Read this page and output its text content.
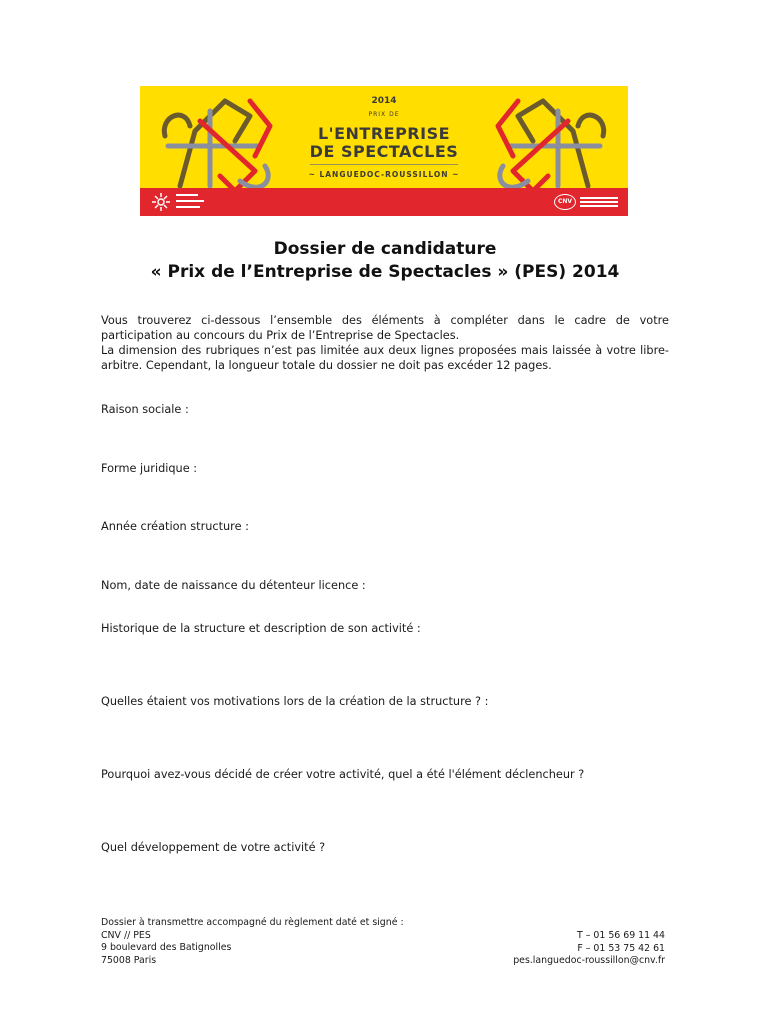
2014
PRIX DE
L'ENTREPRISE
DE SPECTACLES
~ LANGUEDOC-ROUSSILLON ~
CNV
Dossier de candidature
« Prix de l’Entreprise de Spectacles » (PES) 2014

Vous trouverez ci-dessous l’ensemble des éléments à compléter dans le cadre de votre participation au concours du Prix de l’Entreprise de Spectacles.

La dimension des rubriques n’est pas limitée aux deux lignes proposées mais laissée à votre libre-arbitre. Cependant, la longueur totale du dossier ne doit pas excéder 12 pages.

Raison sociale :
Forme juridique :
Année création structure :
Nom, date de naissance du détenteur licence :
Historique de la structure et description de son activité :
Quelles étaient vos motivations lors de la création de la structure ? :
Pourquoi avez-vous décidé de créer votre activité, quel a été l'élément déclencheur ?
Quel développement de votre activité ?
Dossier à transmettre accompagné du règlement daté et signé :
CNV // PES
9 boulevard des Batignolles
75008 Paris
T – 01 56 69 11 44
F – 01 53 75 42 61
pes.languedoc-roussillon@cnv.fr
